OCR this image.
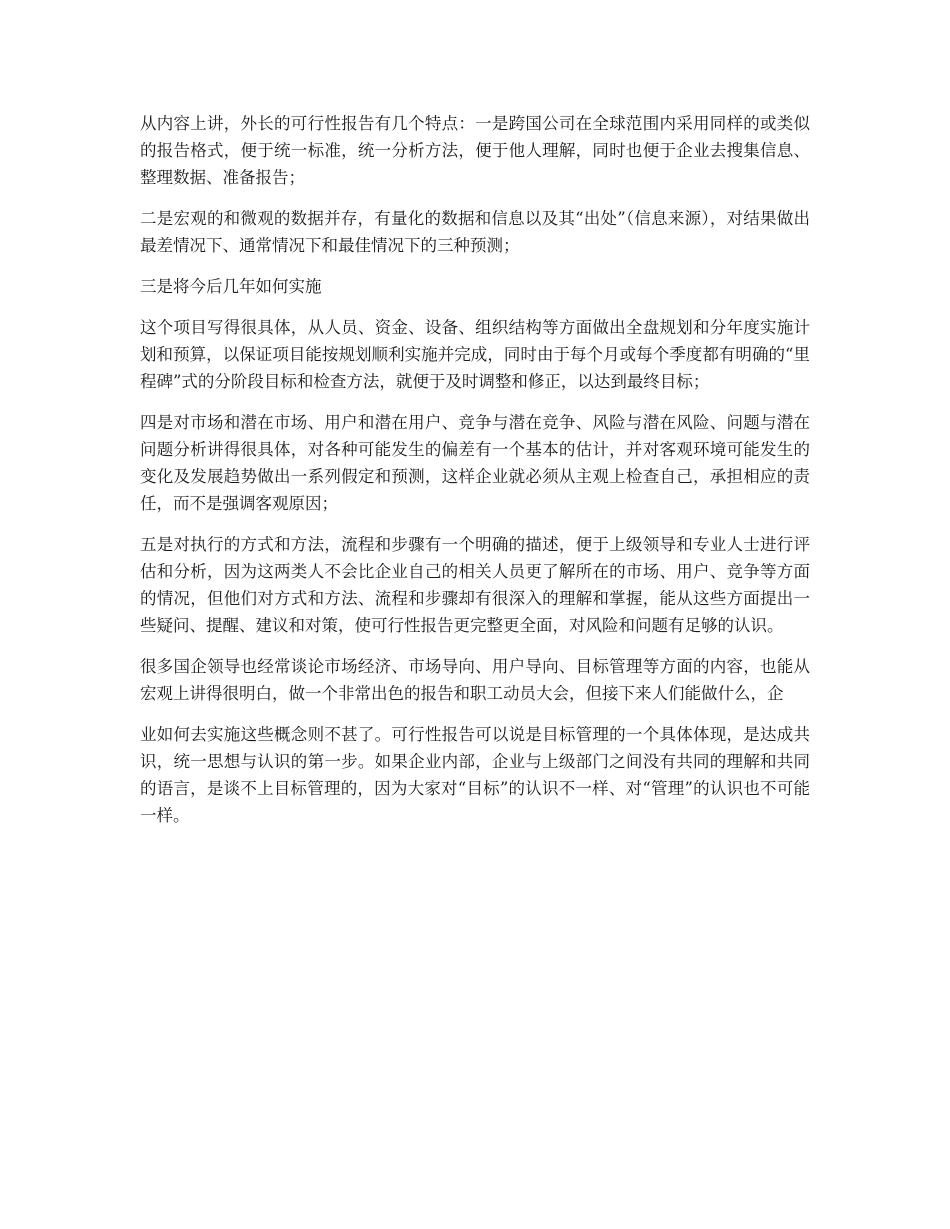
从内容上讲，外长的可行性报告有几个特点：一是跨国公司在全球范围内采用同样的或类似的报告格式，便于统一标准，统一分析方法，便于他人理解，同时也便于企业去搜集信息、整理数据、准备报告；

二是宏观的和微观的数据并存，有量化的数据和信息以及其“出处”（信息来源），对结果做出最差情况下、通常情况下和最佳情况下的三种预测；

三是将今后几年如何实施

这个项目写得很具体，从人员、资金、设备、组织结构等方面做出全盘规划和分年度实施计划和预算，以保证项目能按规划顺利实施并完成，同时由于每个月或每个季度都有明确的“里程碑”式的分阶段目标和检查方法，就便于及时调整和修正，以达到最终目标；

四是对市场和潜在市场、用户和潜在用户、竞争与潜在竞争、风险与潜在风险、问题与潜在问题分析讲得很具体，对各种可能发生的偏差有一个基本的估计，并对客观环境可能发生的变化及发展趋势做出一系列假定和预测，这样企业就必须从主观上检查自己，承担相应的责任，而不是强调客观原因；

五是对执行的方式和方法，流程和步骤有一个明确的描述，便于上级领导和专业人士进行评估和分析，因为这两类人不会比企业自己的相关人员更了解所在的市场、用户、竞争等方面的情况，但他们对方式和方法、流程和步骤却有很深入的理解和掌握，能从这些方面提出一些疑问、提醒、建议和对策，使可行性报告更完整更全面，对风险和问题有足够的认识。

很多国企领导也经常谈论市场经济、市场导向、用户导向、目标管理等方面的内容，也能从宏观上讲得很明白，做一个非常出色的报告和职工动员大会，但接下来人们能做什么，企

业如何去实施这些概念则不甚了。可行性报告可以说是目标管理的一个具体体现，是达成共识，统一思想与认识的第一步。如果企业内部，企业与上级部门之间没有共同的理解和共同的语言，是谈不上目标管理的，因为大家对“目标”的认识不一样、对“管理”的认识也不可能一样。
